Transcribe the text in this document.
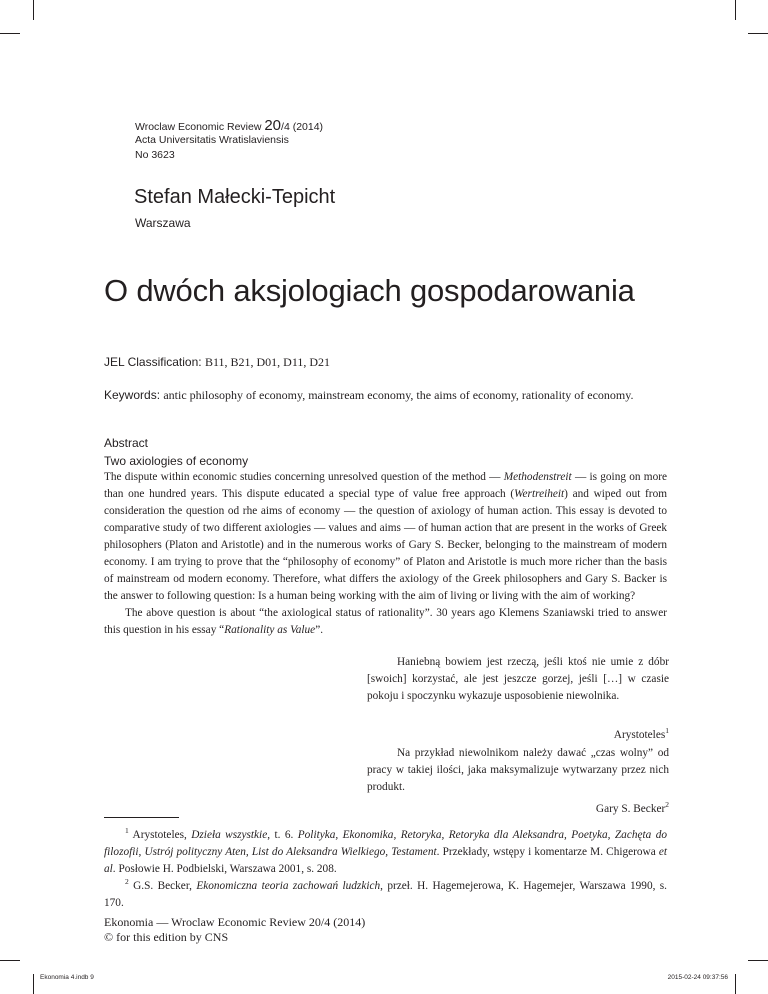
Wroclaw Economic Review 20/4 (2014)
Acta Universitatis Wratislaviensis
No 3623
Stefan Małecki-Tepicht
Warszawa
O dwóch aksjologiach gospodarowania
JEL Classification: B11, B21, D01, D11, D21
Keywords: antic philosophy of economy, mainstream economy, the aims of economy, rationality of economy.
Abstract
Two axiologies of economy

The dispute within economic studies concerning unresolved question of the method — Methodenstreit — is going on more than one hundred years. This dispute educated a special type of value free approach (Wertreiheit) and wiped out from consideration the question od rhe aims of economy — the question of axiology of human action. This essay is devoted to comparative study of two different axiologies — values and aims — of human action that are present in the works of Greek philosophers (Platon and Aristotle) and in the numerous works of Gary S. Becker, belonging to the mainstream of modern economy. I am trying to prove that the “philosophy of economy” of Platon and Aristotle is much more richer than the basis of mainstream od modern economy. Therefore, what differs the axiology of the Greek philosophers and Gary S. Backer is the answer to following question: Is a human being working with the aim of living or living with the aim of working?

The above question is about “the axiological status of rationality”. 30 years ago Klemens Szaniawski tried to answer this question in his essay “Rationality as Value”.

Haniebną bowiem jest rzeczą, jeśli ktoś nie umie z dóbr [swoich] korzystać, ale jest jeszcze gorzej, jeśli […] w czasie pokoju i spoczynku wykazuje usposobienie niewolnika.

Arystoteles$^1$

Na przykład niewolnikom należy dawać „czas wolny” od pracy w takiej ilości, jaka maksymalizuje wytwarzany przez nich produkt.

Gary S. Becker$^2$

$^1$ Arystoteles, Dzieła wszystkie, t. 6. Polityka, Ekonomika, Retoryka, Retoryka dla Aleksandra, Poetyka, Zachęta do filozofii, Ustrój polityczny Aten, List do Aleksandra Wielkiego, Testament. Przekłady, wstępy i komentarze M. Chigerowa et al. Posłowie H. Podbielski, Warszawa 2001, s. 208.

$^2$ G.S. Becker, Ekonomiczna teoria zachowań ludzkich, przeł. H. Hagemejerowa, K. Hagemejer, Warszawa 1990, s. 170.

Ekonomia — Wroclaw Economic Review 20/4 (2014)
© for this edition by CNS
Ekonomia 4.indb 9	2015-02-24 09:37:56
